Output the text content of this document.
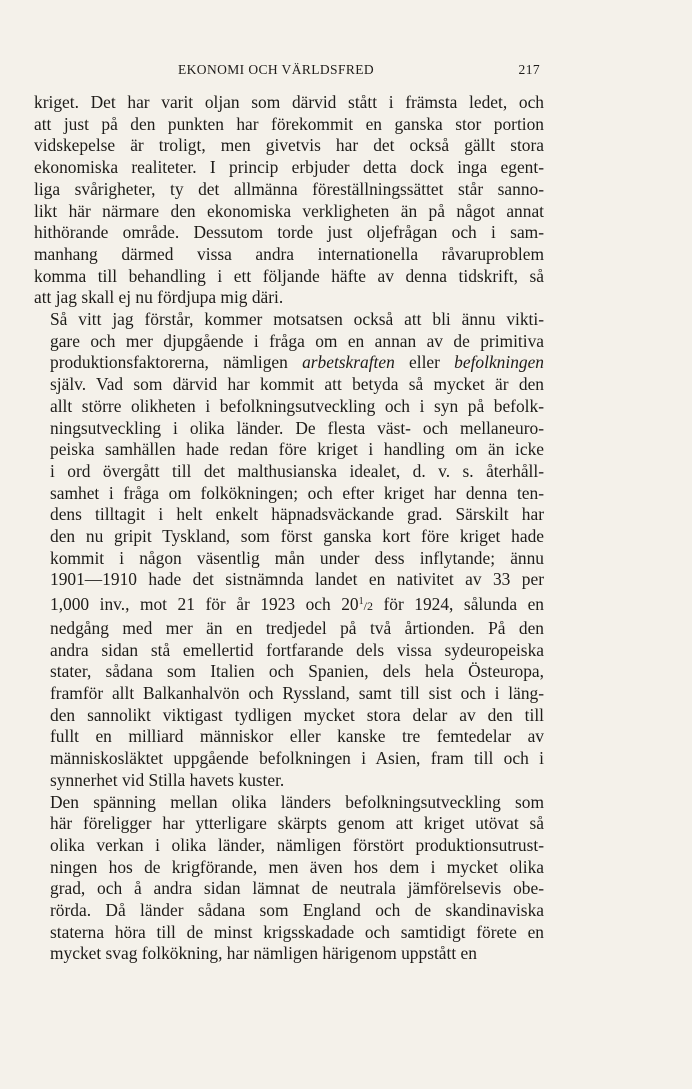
EKONOMI OCH VÄRLDSFRED	217

kriget. Det har varit oljan som därvid stått i främsta ledet, och
att just på den punkten har förekommit en ganska stor portion
vidskepelse är troligt, men givetvis har det också gällt stora
ekonomiska realiteter. I princip erbjuder detta dock inga egent-
liga svårigheter, ty det allmänna föreställningssättet står sanno-
likt här närmare den ekonomiska verkligheten än på något annat
hithörande område. Dessutom torde just oljefrågan och i sam-
manhang därmed vissa andra internationella råvaruproblem
komma till behandling i ett följande häfte av denna tidskrift, så
att jag skall ej nu fördjupa mig däri.

Så vitt jag förstår, kommer motsatsen också att bli ännu vikti-
gare och mer djupgående i fråga om en annan av de primitiva
produktionsfaktorerna, nämligen arbetskraften eller befolkningen
själv. Vad som därvid har kommit att betyda så mycket är den
allt större olikheten i befolkningsutveckling och i syn på befolk-
ningsutveckling i olika länder. De flesta väst- och mellaneuro-
peiska samhällen hade redan före kriget i handling om än icke
i ord övergått till det malthusianska idealet, d. v. s. återhåll-
samhet i fråga om folkökningen; och efter kriget har denna ten-
dens tilltagit i helt enkelt häpnadsväckande grad. Särskilt har
den nu gripit Tyskland, som först ganska kort före kriget hade
kommit i någon väsentlig mån under dess inflytande; ännu
1901—1910 hade det sistnämnda landet en nativitet av 33 per
1,000 inv., mot 21 för år 1923 och $20^1/2$ för 1924, sålunda en
nedgång med mer än en tredjedel på två årtionden. På den
andra sidan stå emellertid fortfarande dels vissa sydeuropeiska
stater, sådana som Italien och Spanien, dels hela Östeuropa,
framför allt Balkanhalvön och Ryssland, samt till sist och i läng-
den sannolikt viktigast tydligen mycket stora delar av den till
fullt en milliard människor eller kanske tre femtedelar av
människosläktet uppgående befolkningen i Asien, fram till och i
synnerhet vid Stilla havets kuster.

Den spänning mellan olika länders befolkningsutveckling som
här föreligger har ytterligare skärpts genom att kriget utövat så
olika verkan i olika länder, nämligen förstört produktionsutrust-
ningen hos de krigförande, men även hos dem i mycket olika
grad, och å andra sidan lämnat de neutrala jämförelsevis obe-
rörda. Då länder sådana som England och de skandinaviska
staterna höra till de minst krigsskadade och samtidigt förete en
mycket svag folkökning, har nämligen härigenom uppstått en
